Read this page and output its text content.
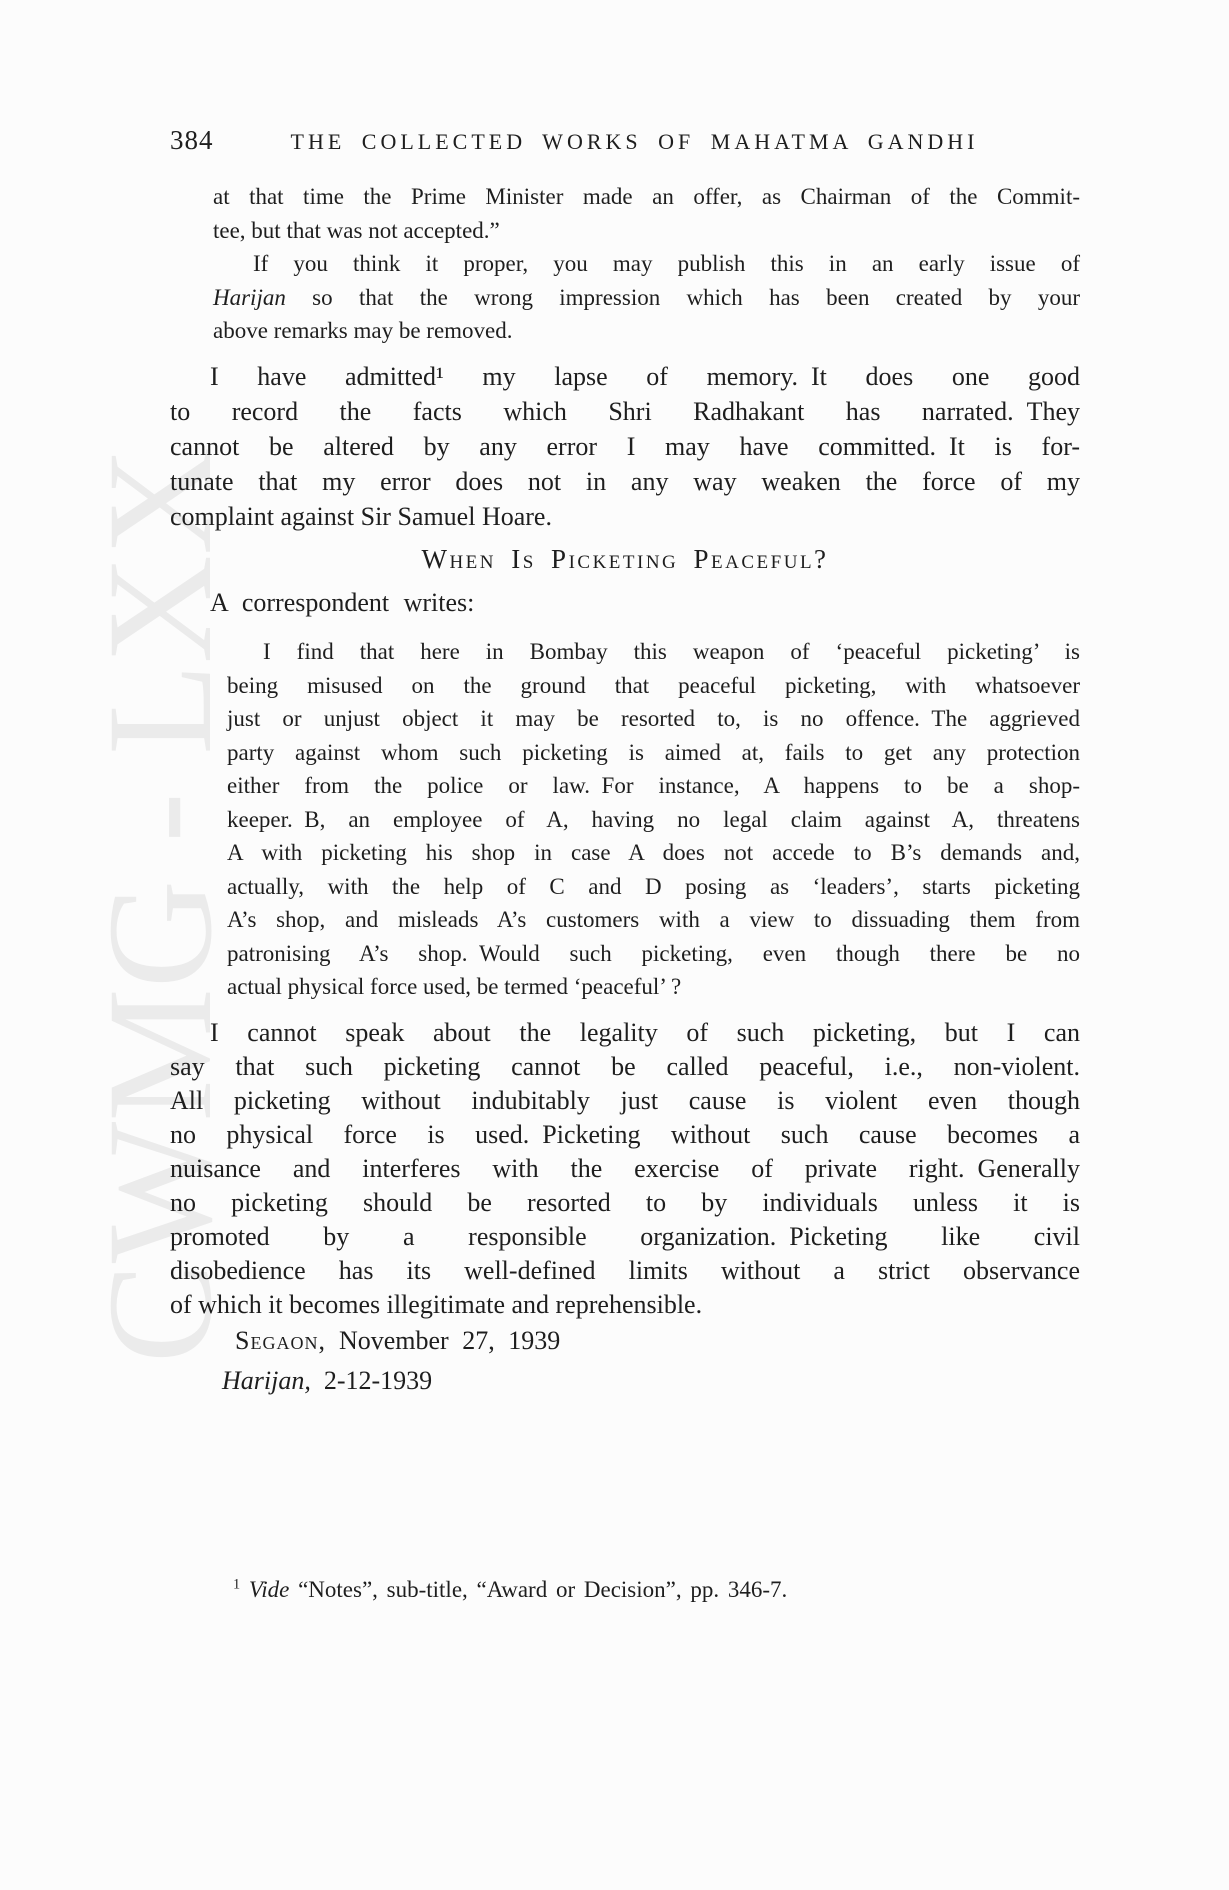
CWMG - LXX
384	THE COLLECTED WORKS OF MAHATMA GANDHI
at that time the Prime Minister made an offer, as Chairman of the Commit-
tee, but that was not accepted.”
If you think it proper, you may publish this in an early issue of
Harijan so that the wrong impression which has been created by your
above remarks may be removed.
I have admitted¹ my lapse of memory. It does one good
to record the facts which Shri Radhakant has narrated. They
cannot be altered by any error I may have committed. It is for-
tunate that my error does not in any way weaken the force of my
complaint against Sir Samuel Hoare.
When Is Picketing Peaceful?
A correspondent writes:
I find that here in Bombay this weapon of ‘peaceful picketing’ is
being misused on the ground that peaceful picketing, with whatsoever
just or unjust object it may be resorted to, is no offence. The aggrieved
party against whom such picketing is aimed at, fails to get any protection
either from the police or law. For instance, A happens to be a shop-
keeper. B, an employee of A, having no legal claim against A, threatens
A with picketing his shop in case A does not accede to B’s demands and,
actually, with the help of C and D posing as ‘leaders’, starts picketing
A’s shop, and misleads A’s customers with a view to dissuading them from
patronising A’s shop. Would such picketing, even though there be no
actual physical force used, be termed ‘peaceful’ ?
I cannot speak about the legality of such picketing, but I can
say that such picketing cannot be called peaceful, i.e., non-violent.
All picketing without indubitably just cause is violent even though
no physical force is used. Picketing without such cause becomes a
nuisance and interferes with the exercise of private right. Generally
no picketing should be resorted to by individuals unless it is
promoted by a responsible organization. Picketing like civil
disobedience has its well-defined limits without a strict observance
of which it becomes illegitimate and reprehensible.
Segaon, November 27, 1939
Harijan, 2-12-1939
$^1$ Vide “Notes”, sub-title, “Award or Decision”, pp. 346-7.
